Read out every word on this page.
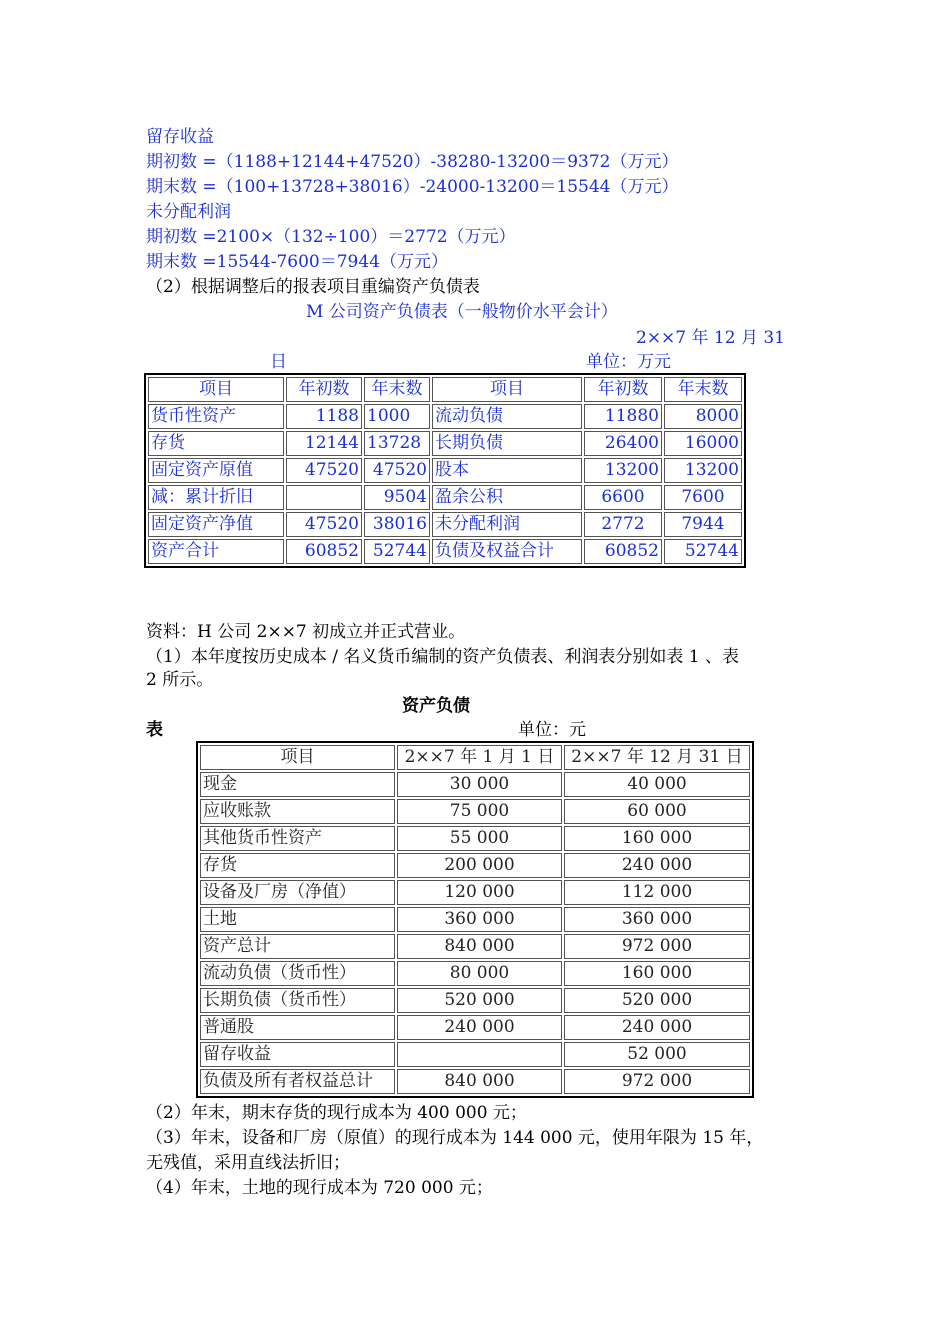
留存收益
期初数 =（1188+12144+47520）-38280-13200＝9372（万元）
期末数 =（100+13728+38016）-24000-13200＝15544（万元）
未分配利润
期初数 =2100×（132÷100）＝2772（万元）
期末数 =15544-7600＝7944（万元）
（2）根据调整后的报表项目重编资产负债表
M 公司资产负债表（一般物价水平会计）
2××7 年 12 月 31
日	单位：万元
项目	年初数	年末数	项目	年初数	年末数
货币性资产	1188	1000	流动负债	11880	8000
存货	12144	13728	长期负债	26400	16000
固定资产原值	47520	47520	股本	13200	13200
减：累计折旧		9504	盈余公积	6600	7600
固定资产净值	47520	38016	未分配利润	2772	7944
资产合计	60852	52744	负债及权益合计	60852	52744
资料：H 公司 2××7 初成立并正式营业。
（1）本年度按历史成本 / 名义货币编制的资产负债表、利润表分别如表 1 、表
2 所示。
资产负债
表	单位：元
项目	2××7 年 1 月 1 日	2××7 年 12 月 31 日
现金	30 000	40 000
应收账款	75 000	60 000
其他货币性资产	55 000	160 000
存货	200 000	240 000
设备及厂房（净值）	120 000	112 000
土地	360 000	360 000
资产总计	840 000	972 000
流动负债（货币性）	80 000	160 000
长期负债（货币性）	520 000	520 000
普通股	240 000	240 000
留存收益		52 000
负债及所有者权益总计	840 000	972 000
（2）年末，期末存货的现行成本为 400 000 元；
（3）年末，设备和厂房（原值）的现行成本为 144 000 元，使用年限为 15 年，
无残值，采用直线法折旧；
（4）年末，土地的现行成本为 720 000 元；
